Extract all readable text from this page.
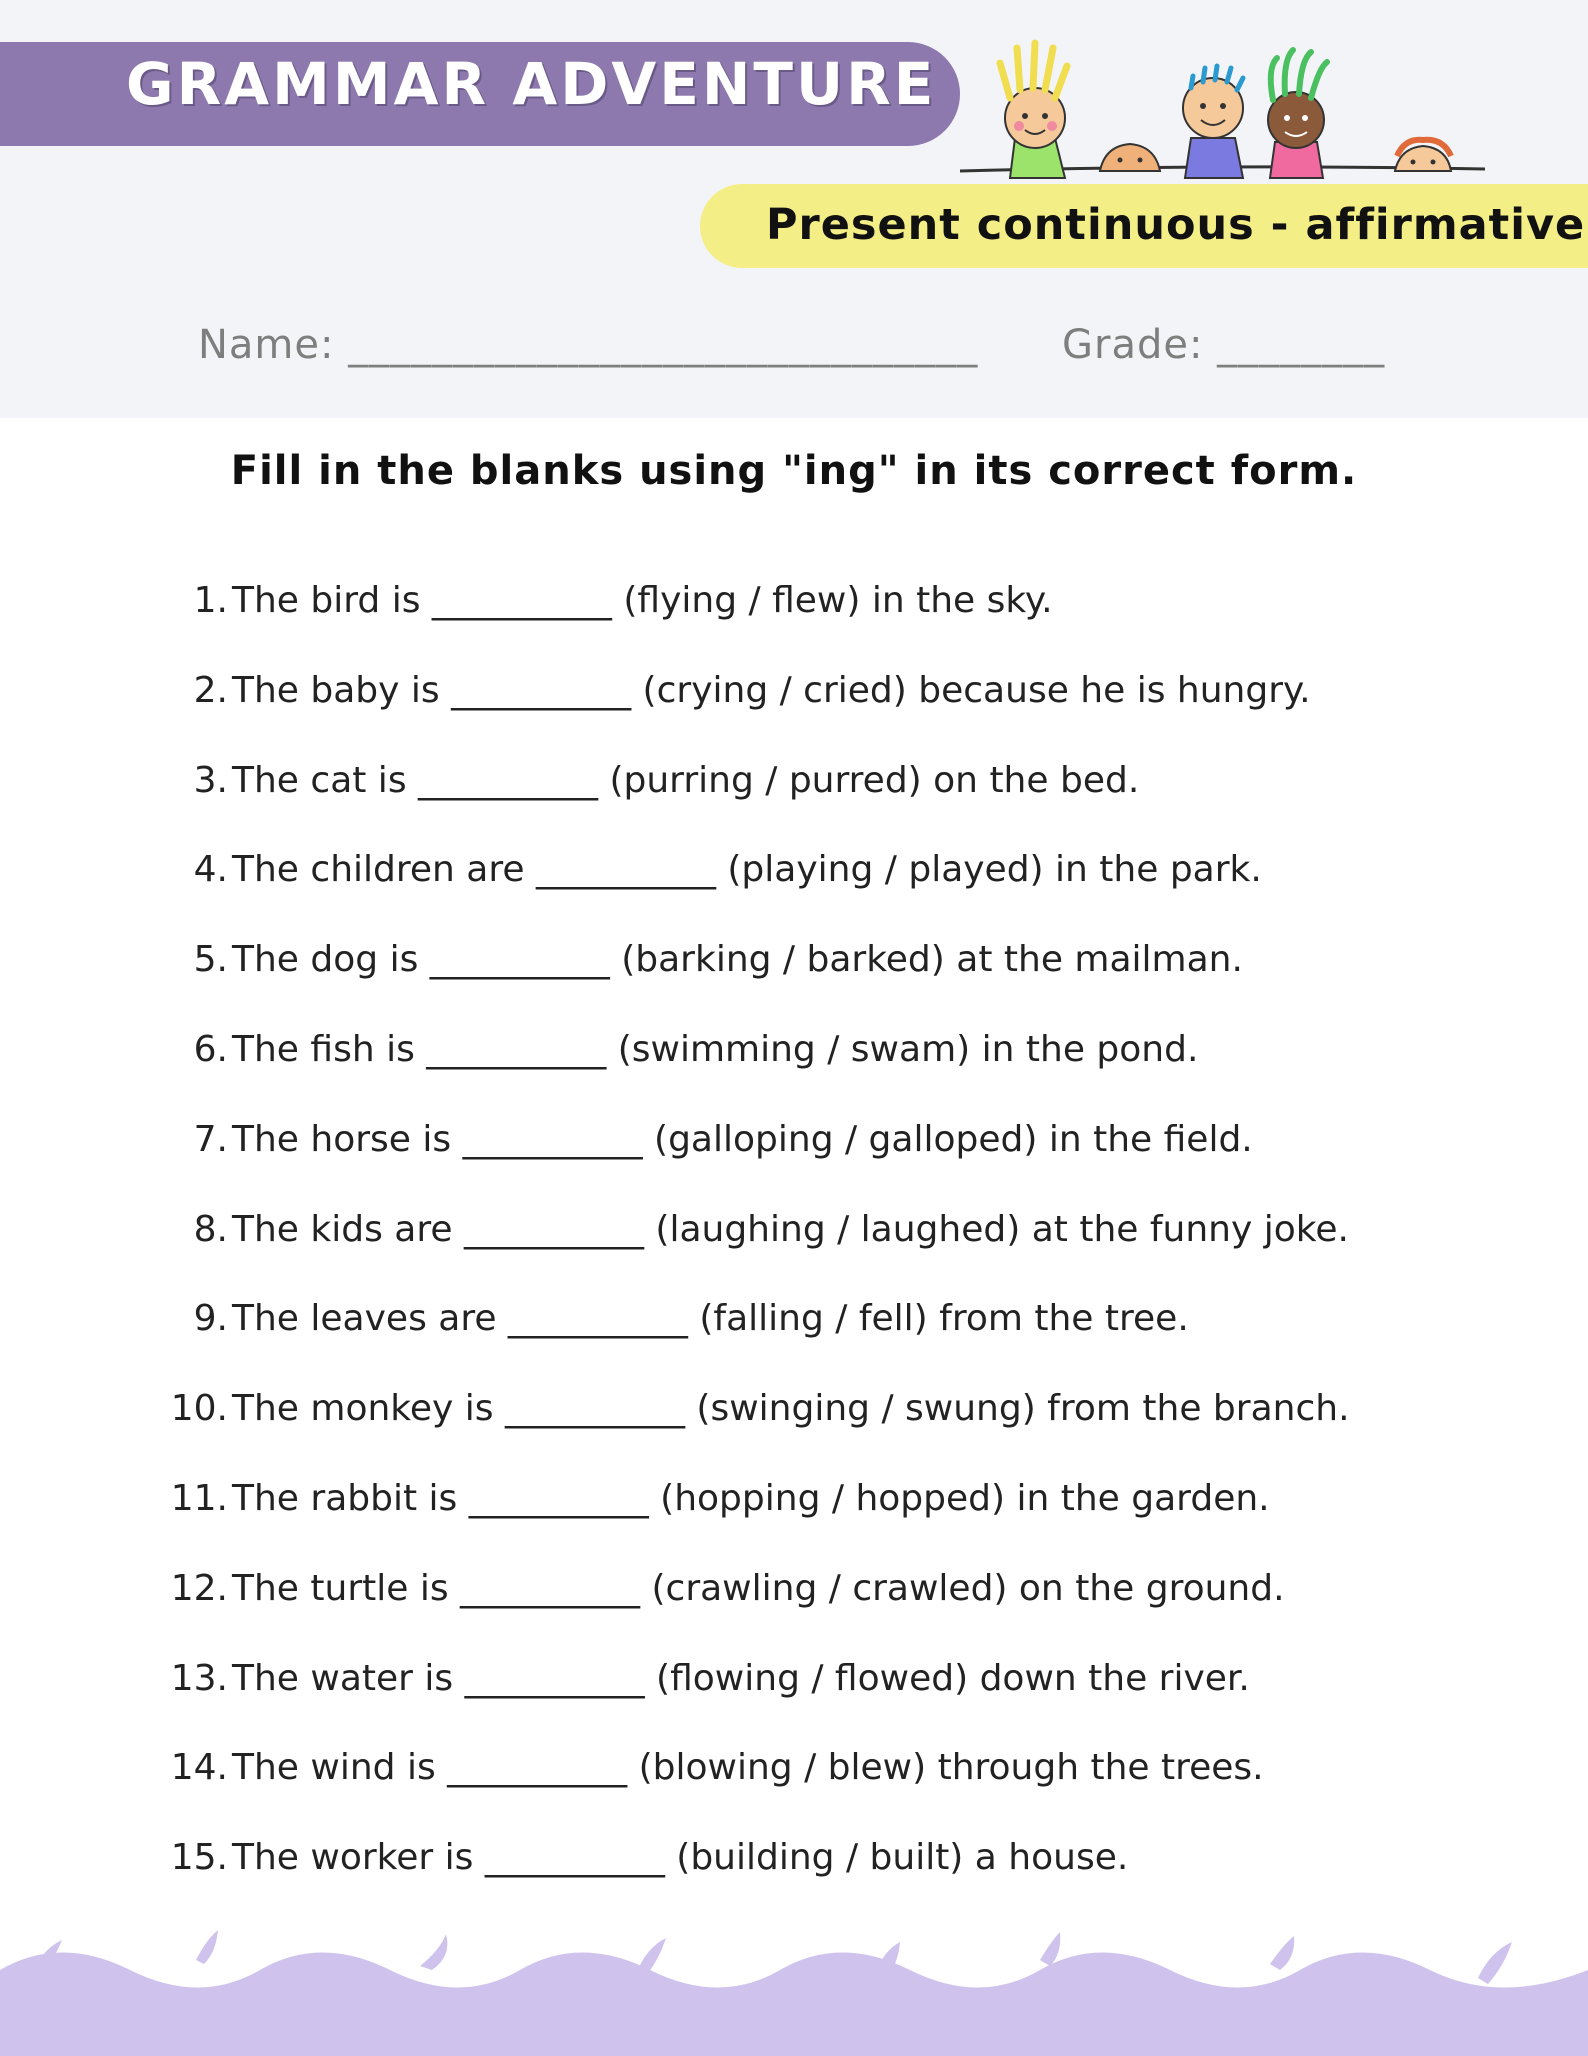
GRAMMAR ADVENTURE
Present continuous - affirmative
Name: ______________________________ Grade: ________
Fill in the blanks using "ing" in its correct form.
1. The bird is __________ (flying / flew) in the sky.
2. The baby is __________ (crying / cried) because he is hungry.
3. The cat is __________ (purring / purred) on the bed.
4. The children are __________ (playing / played) in the park.
5. The dog is __________ (barking / barked) at the mailman.
6. The fish is __________ (swimming / swam) in the pond.
7. The horse is __________ (galloping / galloped) in the field.
8. The kids are __________ (laughing / laughed) at the funny joke.
9. The leaves are __________ (falling / fell) from the tree.
10. The monkey is __________ (swinging / swung) from the branch.
11. The rabbit is __________ (hopping / hopped) in the garden.
12. The turtle is __________ (crawling / crawled) on the ground.
13. The water is __________ (flowing / flowed) down the river.
14. The wind is __________ (blowing / blew) through the trees.
15. The worker is __________ (building / built) a house.
